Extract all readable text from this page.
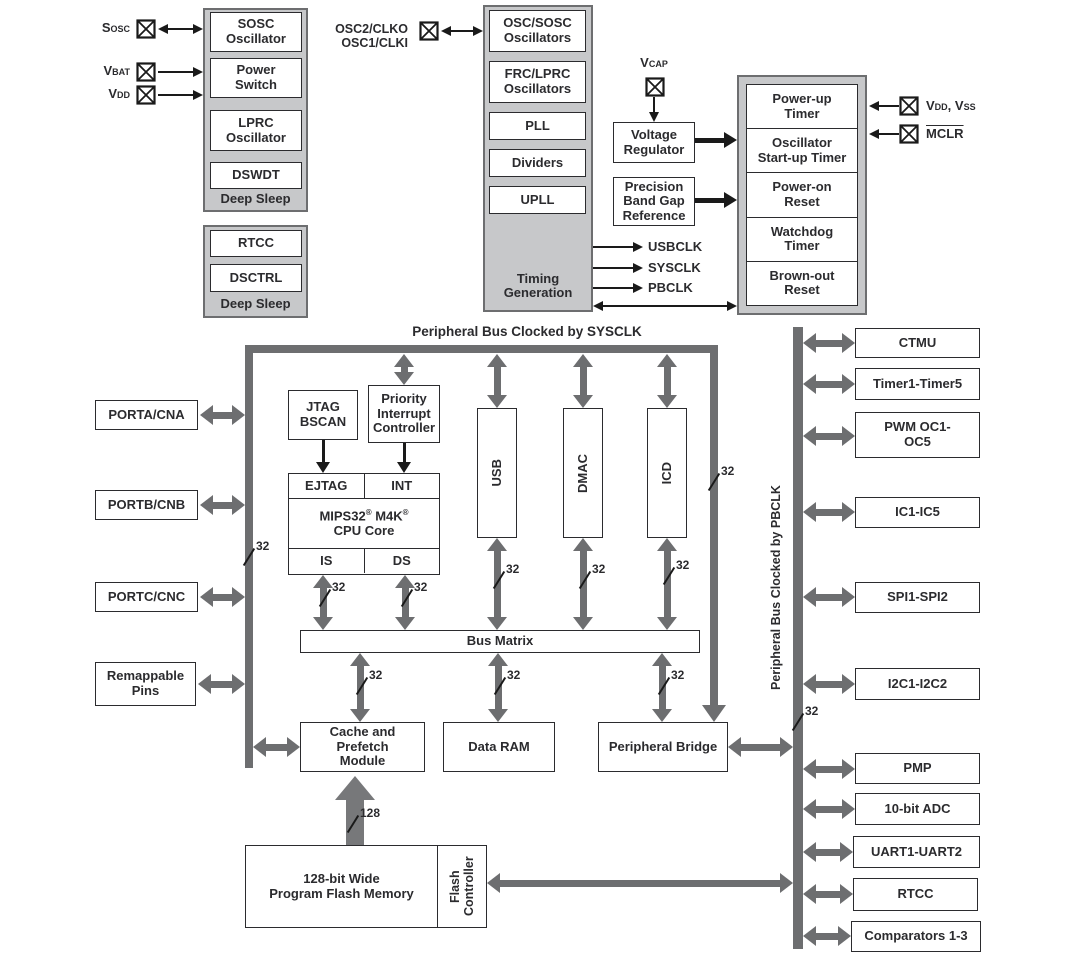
SOSC Oscillator
Power Switch
LPRC Oscillator
DSWDT
Deep Sleep
RTCC
DSCTRL
Deep Sleep
OSC/SOSC Oscillators
FRC/LPRC Oscillators
PLL
Dividers
UPLL
Timing Generation
USBCLK
SYSCLK
PBCLK
VCAP
Voltage Regulator
Precision Band Gap Reference
Power-up Timer
Oscillator Start-up Timer
Power-on Reset
Watchdog Timer
Brown-out Reset
VDD, VSS
MCLR
SOSC
VBAT
VDD
OSC2/CLKO
OSC1/CLKI
Peripheral Bus Clocked by SYSCLK
PORTA/CNA
PORTB/CNB
PORTC/CNC
Remappable Pins
JTAG BSCAN
Priority Interrupt Controller
EJTAG	INT
MIPS32® M4K®
CPU Core
IS	DS
USB	DMAC	ICD
Bus Matrix
Cache and Prefetch Module
Data RAM	Peripheral Bridge
128-bit Wide
Program Flash Memory	Flash Controller
Peripheral Bus Clocked by PBCLK
CTMU
Timer1-Timer5
PWM OC1-OC5
IC1-IC5
SPI1-SPI2
I2C1-I2C2
PMP
10-bit ADC
UART1-UART2
RTCC
Comparators 1-3
32
32
32	32
32	32	32
32	32	32
32
128
